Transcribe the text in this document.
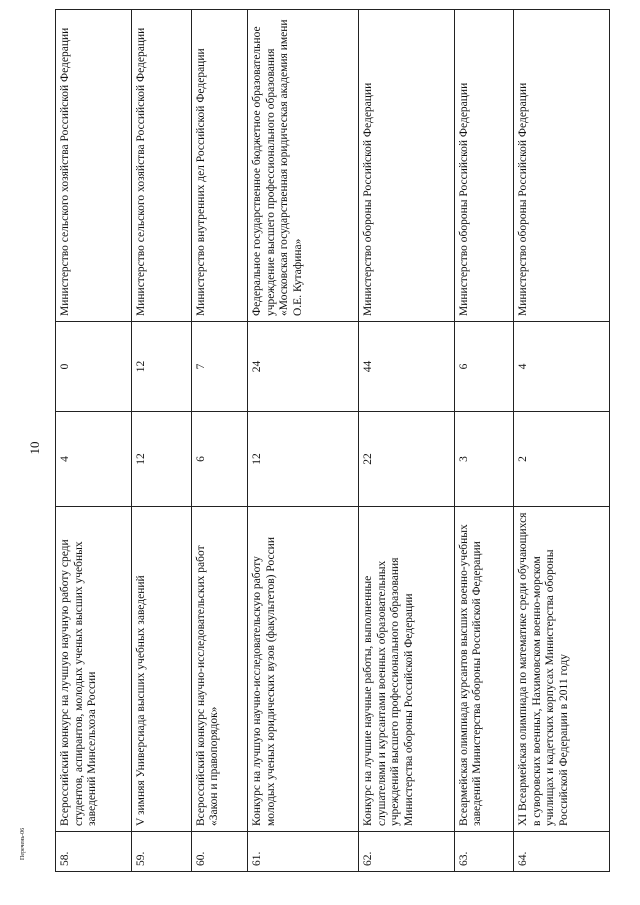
10
58.	Всероссийский конкурс на лучшую научную работу среди студентов, аспирантов, молодых ученых высших учебных заведений Минсельхоза России	4	0	Министерство сельского хозяйства Российской Федерации
59.	V зимняя Универсиада высших учебных заведений	12	12	Министерство сельского хозяйства Российской Федерации
60.	Всероссийский конкурс научно-исследовательских работ «Закон и правопорядок»	6	7	Министерство внутренних дел Российской Федерации
61.	Конкурс на лучшую научно-исследовательскую работу молодых ученых юридических вузов (факультетов) России	12	24	Федеральное государственное бюджетное образовательное учреждение высшего профессионального образования «Московская государственная юридическая академия имени О.Е. Кутафина»
62.	Конкурс на лучшие научные работы, выполненные слушателями и курсантами военных образовательных учреждений высшего профессионального образования Министерства обороны Российской Федерации	22	44	Министерство обороны Российской Федерации
63.	Всеармейская олимпиада курсантов высших военно-учебных заведений Министерства обороны Российской Федерации	3	6	Министерство обороны Российской Федерации
64.	XI Всеармейская олимпиада по математике среди обучающихся в суворовских военных, Нахимовском военно-морском училищах и кадетских корпусах Министерства обороны Российской Федерации в 2011 году	2	4	Министерство обороны Российской Федерации
Перечень-06
